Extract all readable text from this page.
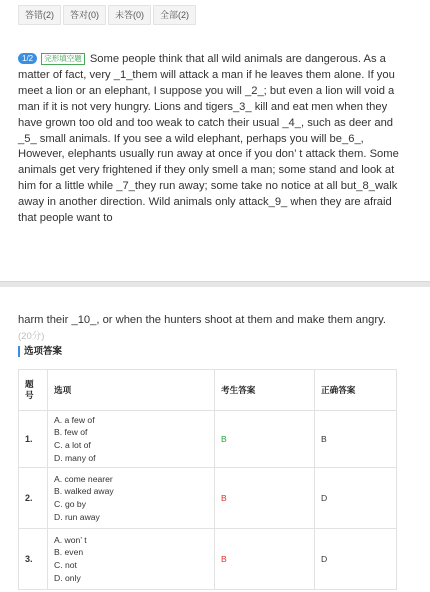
答错(2)	答对(0)	未答(0)	全部(2)
1/2 完形填空题 Some people think that all wild animals are dangerous. As a matter of fact, very _1_them will attack a man if he leaves them alone. If you meet a lion or an elephant, I suppose you will _2_; but even a lion will void a man if it is not very hungry. Lions and tigers_3_ kill and eat men when they have grown too old and too weak to catch their usual _4_, such as deer and _5_ small animals. If you see a wild elephant, perhaps you will be_6_, However, elephants usually run away at once if you don’ t attack them. Some animals get very frightened if they only smell a man; some stand and look at him for a little while _7_they run away; some take no notice at all but_8_walk away in another direction. Wild animals only attack_9_ when they are afraid that people want to
harm their _10_, or when the hunters shoot at them and make them angry. (20分)
选项答案
题号	选项	考生答案	正确答案
1.	A. a few of
B. few of
C. a lot of
D. many of	B	B
2.	A. come nearer
B. walked away
C. go by
D. run away	B	D
3.	A. won’ t
B. even
C. not
D. only	B	D
